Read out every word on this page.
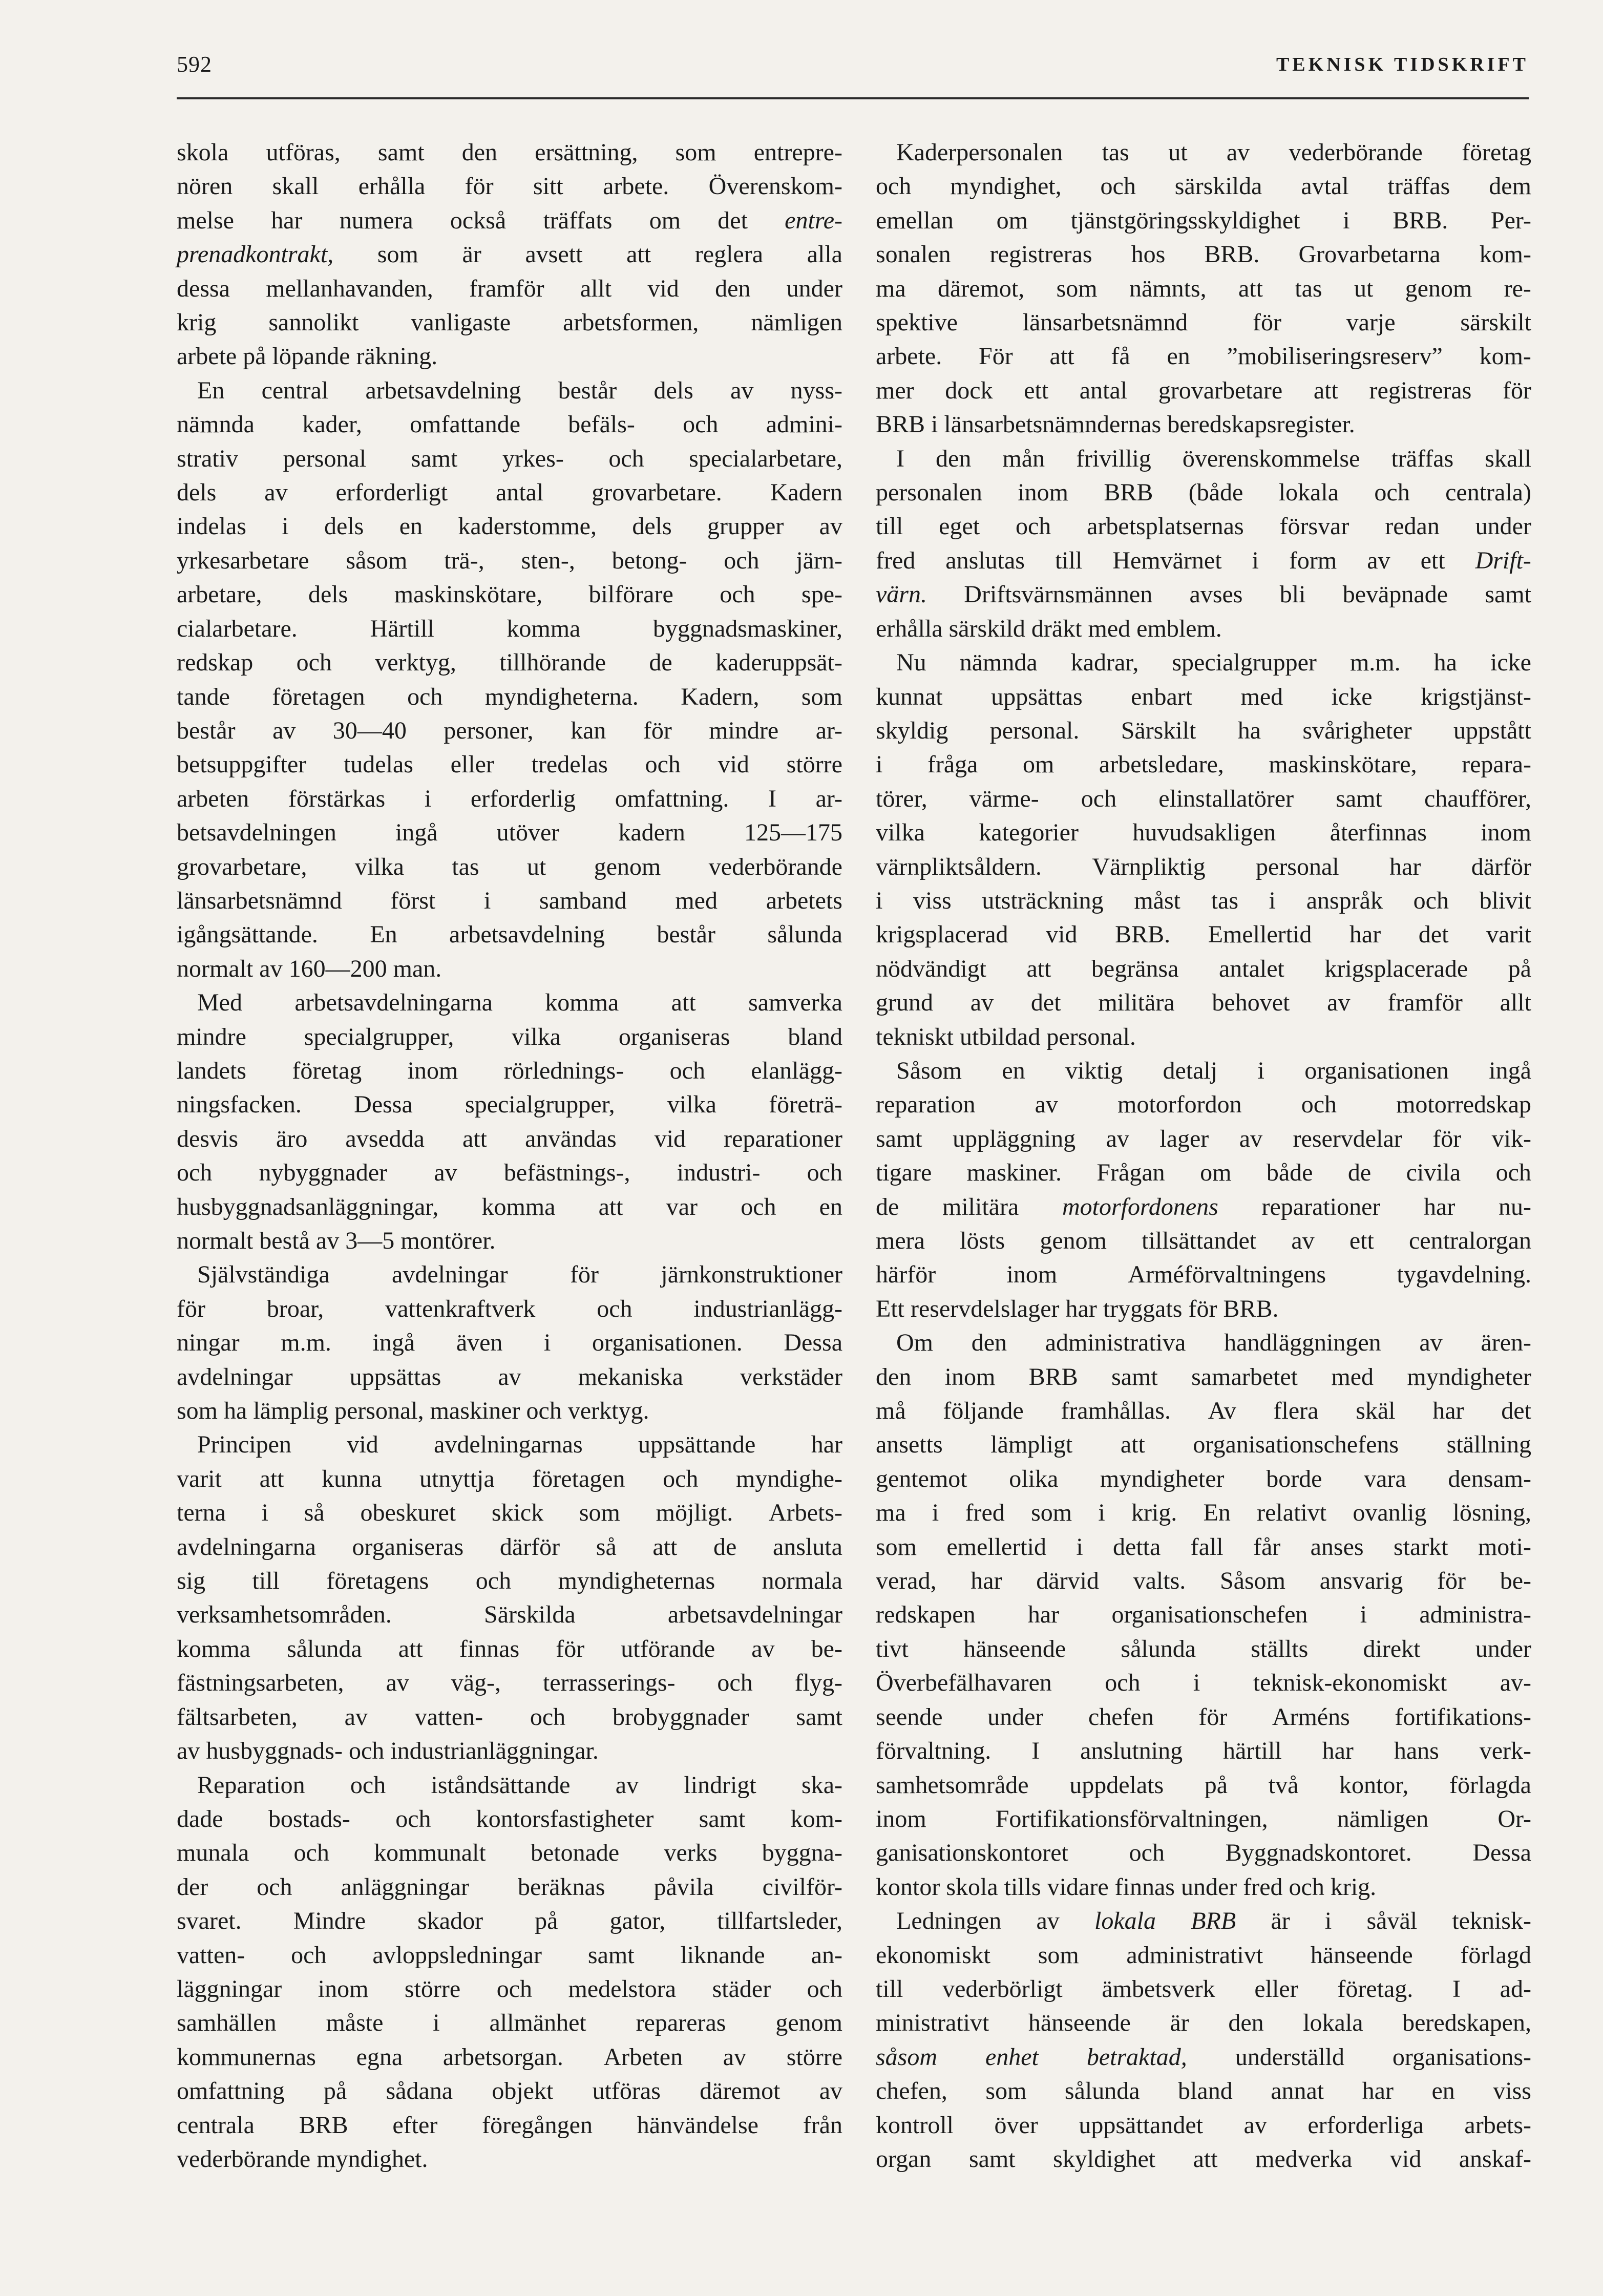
592	TEKNISK TIDSKRIFT
skola utföras, samt den ersättning, som entrepre-
nören skall erhålla för sitt arbete. Överenskom-
melse har numera också träffats om det entre-
prenadkontrakt, som är avsett att reglera alla
dessa mellanhavanden, framför allt vid den under
krig sannolikt vanligaste arbetsformen, nämligen
arbete på löpande räkning.
En central arbetsavdelning består dels av nyss-
nämnda kader, omfattande befäls- och admini-
strativ personal samt yrkes- och specialarbetare,
dels av erforderligt antal grovarbetare. Kadern
indelas i dels en kaderstomme, dels grupper av
yrkesarbetare såsom trä-, sten-, betong- och järn-
arbetare, dels maskinskötare, bilförare och spe-
cialarbetare.	Härtill	komma	byggnadsmaskiner,
redskap och verktyg, tillhörande de kaderuppsät-
tande företagen och myndigheterna. Kadern, som
består av 30—40 personer, kan för mindre ar-
betsuppgifter tudelas eller tredelas och vid större
arbeten förstärkas i erforderlig omfattning. I ar-
betsavdelningen ingå utöver kadern 125—175
grovarbetare, vilka tas ut genom vederbörande
länsarbetsnämnd först i samband med arbetets
igångsättande. En arbetsavdelning består sålunda
normalt av 160—200 man.
Med arbetsavdelningarna komma att samverka
mindre specialgrupper, vilka organiseras bland
landets företag inom rörlednings- och elanlägg-
ningsfacken. Dessa specialgrupper, vilka företrä-
desvis äro avsedda att användas vid reparationer
och nybyggnader av befästnings-, industri- och
husbyggnadsanläggningar, komma att var och en
normalt bestå av 3—5 montörer.
Självständiga	avdelningar	för	järnkonstruktioner
för broar, vattenkraftverk och industrianlägg-
ningar m.m. ingå även i organisationen. Dessa
avdelningar uppsättas av mekaniska verkstäder
som ha lämplig personal, maskiner och verktyg.
Principen vid avdelningarnas uppsättande har
varit att kunna utnyttja företagen och myndighe-
terna i så obeskuret skick som möjligt. Arbets-
avdelningarna organiseras därför så att de ansluta
sig till företagens och myndigheternas normala
verksamhetsområden.	Särskilda	arbetsavdelningar
komma sålunda att finnas för utförande av be-
fästningsarbeten, av väg-, terrasserings- och flyg-
fältsarbeten, av vatten- och brobyggnader samt
av husbyggnads- och industrianläggningar.
Reparation och iståndsättande av lindrigt ska-
dade bostads- och kontorsfastigheter samt kom-
munala och kommunalt betonade verks byggna-
der och anläggningar beräknas påvila civilför-
svaret. Mindre skador på gator, tillfartsleder,
vatten- och avloppsledningar samt liknande an-
läggningar inom större och medelstora städer och
samhällen måste i allmänhet repareras genom
kommunernas egna arbetsorgan. Arbeten av större
omfattning på sådana objekt utföras däremot av
centrala BRB efter föregången hänvändelse från
vederbörande myndighet.
Kaderpersonalen tas ut av vederbörande företag
och myndighet, och särskilda avtal träffas dem
emellan om tjänstgöringsskyldighet i BRB. Per-
sonalen registreras hos BRB. Grovarbetarna kom-
ma däremot, som nämnts, att tas ut genom re-
spektive	länsarbetsnämnd	för	varje	särskilt
arbete. För att få en ”mobiliseringsreserv” kom-
mer dock ett antal grovarbetare att registreras för
BRB i länsarbetsnämndernas beredskapsregister.
I den mån frivillig överenskommelse träffas skall
personalen inom BRB (både lokala och centrala)
till eget och arbetsplatsernas försvar redan under
fred anslutas till Hemvärnet i form av ett Drift-
värn. Driftsvärnsmännen avses bli beväpnade samt
erhålla särskild dräkt med emblem.
Nu nämnda kadrar, specialgrupper m.m. ha icke
kunnat uppsättas enbart med icke krigstjänst-
skyldig personal. Särskilt ha svårigheter uppstått
i fråga om arbetsledare, maskinskötare, repara-
törer, värme- och elinstallatörer samt chaufförer,
vilka kategorier huvudsakligen återfinnas inom
värnpliktsåldern. Värnpliktig personal har därför
i viss utsträckning måst tas i anspråk och blivit
krigsplacerad vid BRB. Emellertid har det varit
nödvändigt att begränsa antalet krigsplacerade på
grund av det militära behovet av framför allt
tekniskt utbildad personal.
Såsom en viktig detalj i organisationen ingå
reparation av motorfordon och motorredskap
samt uppläggning av lager av reservdelar för vik-
tigare maskiner. Frågan om både de civila och
de militära motorfordonens reparationer har nu-
mera lösts genom tillsättandet av ett centralorgan
härför	inom	Arméförvaltningens	tygavdelning.
Ett reservdelslager har tryggats för BRB.
Om den administrativa handläggningen av ären-
den inom BRB samt samarbetet med myndigheter
må följande framhållas. Av flera skäl har det
ansetts lämpligt att organisationschefens ställning
gentemot olika myndigheter borde vara densam-
ma i fred som i krig. En relativt ovanlig lösning,
som emellertid i detta fall får anses starkt moti-
verad, har därvid valts. Såsom ansvarig för be-
redskapen har organisationschefen i administra-
tivt hänseende sålunda ställts direkt under
Överbefälhavaren och i teknisk-ekonomiskt av-
seende under chefen för Arméns fortifikations-
förvaltning. I anslutning härtill har hans verk-
samhetsområde uppdelats på två kontor, förlagda
inom	Fortifikationsförvaltningen,	nämligen	Or-
ganisationskontoret och Byggnadskontoret. Dessa
kontor skola tills vidare finnas under fred och krig.
Ledningen av lokala BRB är i såväl teknisk-
ekonomiskt som administrativt hänseende förlagd
till vederbörligt ämbetsverk eller företag. I ad-
ministrativt hänseende är den lokala beredskapen,
såsom enhet betraktad, underställd organisations-
chefen, som sålunda bland annat har en viss
kontroll över uppsättandet av erforderliga arbets-
organ samt skyldighet att medverka vid anskaf-
